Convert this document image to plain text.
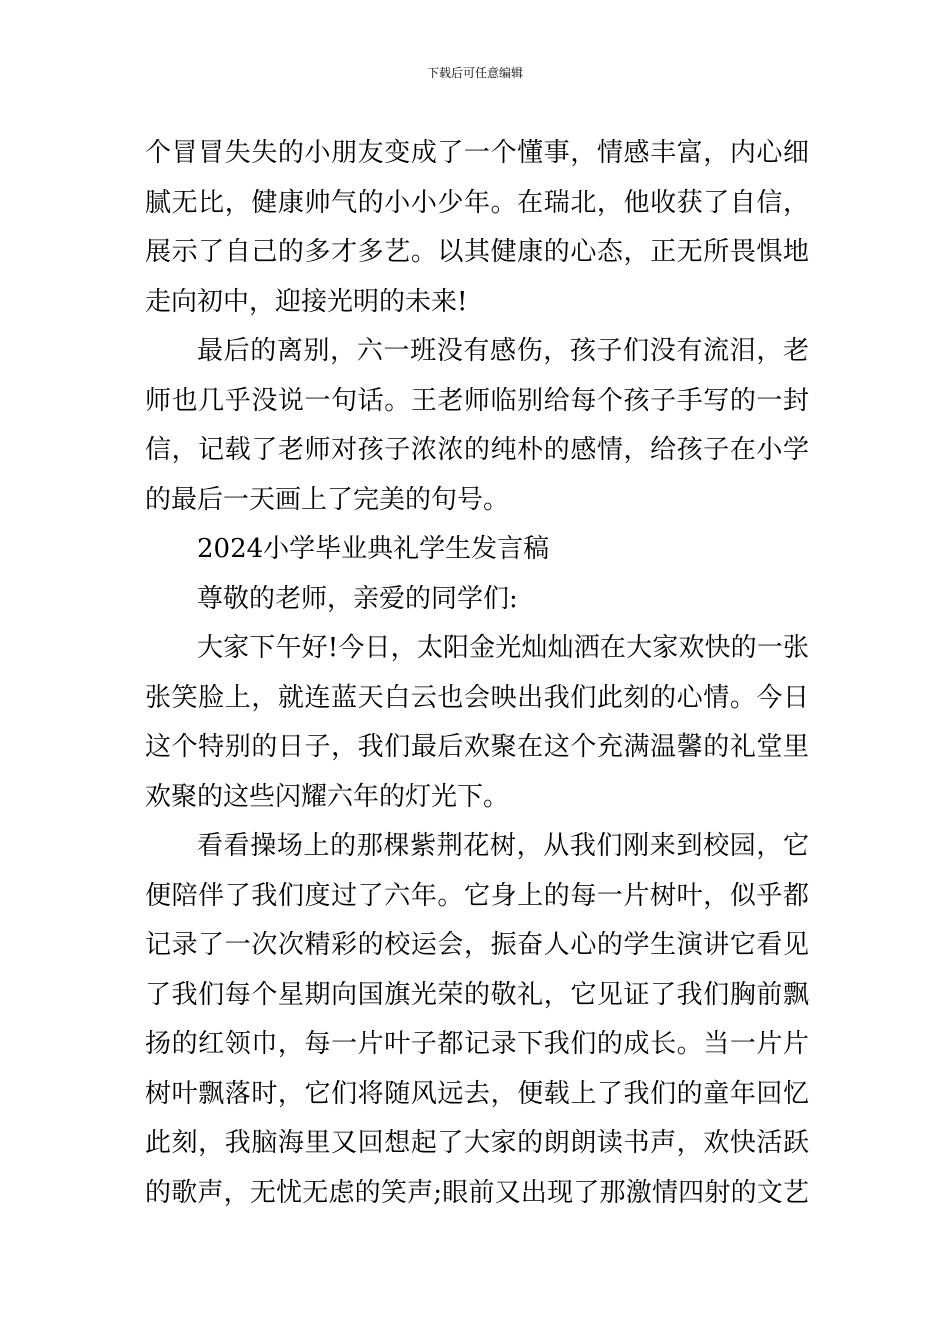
下载后可任意编辑
个冒冒失失的小朋友变成了一个懂事，情感丰富，内心细
腻无比，健康帅气的小小少年。在瑞北，他收获了自信，
展示了自己的多才多艺。以其健康的心态，正无所畏惧地
走向初中，迎接光明的未来!
最后的离别，六一班没有感伤，孩子们没有流泪，老
师也几乎没说一句话。王老师临别给每个孩子手写的一封
信，记载了老师对孩子浓浓的纯朴的感情，给孩子在小学
的最后一天画上了完美的句号。
2024小学毕业典礼学生发言稿
尊敬的老师，亲爱的同学们:
大家下午好!今日，太阳金光灿灿洒在大家欢快的一张
张笑脸上，就连蓝天白云也会映出我们此刻的心情。今日
这个特别的日子，我们最后欢聚在这个充满温馨的礼堂里
欢聚的这些闪耀六年的灯光下。
看看操场上的那棵紫荆花树，从我们刚来到校园，它
便陪伴了我们度过了六年。它身上的每一片树叶，似乎都
记录了一次次精彩的校运会，振奋人心的学生演讲它看见
了我们每个星期向国旗光荣的敬礼，它见证了我们胸前飘
扬的红领巾，每一片叶子都记录下我们的成长。当一片片
树叶飘落时，它们将随风远去，便载上了我们的童年回忆
此刻，我脑海里又回想起了大家的朗朗读书声，欢快活跃
的歌声，无忧无虑的笑声;眼前又出现了那激情四射的文艺
